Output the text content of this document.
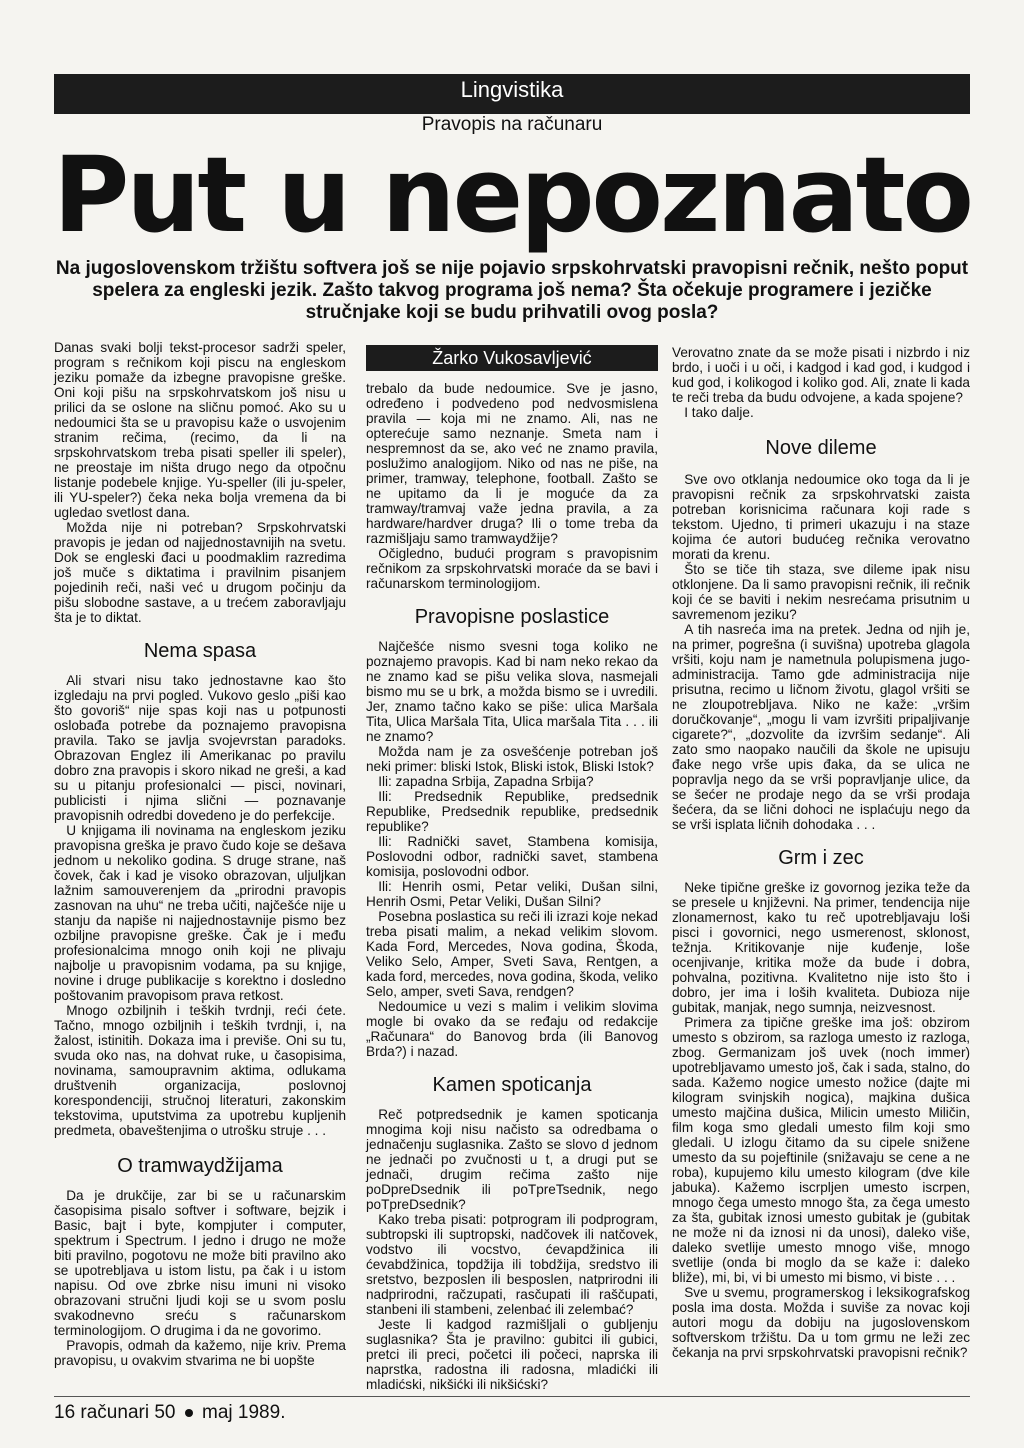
Lingvistika
Pravopis na računaru
Put u nepoznato
Na jugoslovenskom tržištu softvera još se nije pojavio srpskohrvatski pravopisni rečnik, nešto poput spelera za engleski jezik. Zašto takvog programa još nema? Šta očekuje programere i jezičke stručnjake koji se budu prihvatili ovog posla?

Danas svaki bolji tekst-procesor sadrži speler, program s rečnikom koji piscu na engleskom jeziku pomaže da izbegne pravopisne greške. Oni koji pišu na srpskohrvatskom još nisu u prilici da se oslone na sličnu pomoć. Ako su u nedoumici šta se u pravopisu kaže o usvojenim stranim rečima, (recimo, da li na srpskohrvatskom treba pisati speller ili speler), ne preostaje im ništa drugo nego da otpočnu listanje podebele knjige. Yu-speller (ili ju-speler, ili YU-speler?) čeka neka bolja vremena da bi ugledao svetlost dana.

Možda nije ni potreban? Srpskohrvatski pravopis je jedan od najjednostavnijih na svetu. Dok se engleski đaci u poodmaklim razredima još muče s diktatima i pravilnim pisanjem pojedinih reči, naši već u drugom počinju da pišu slobodne sastave, a u trećem zaboravljaju šta je to diktat.

Nema spasa

Ali stvari nisu tako jednostavne kao što izgledaju na prvi pogled. Vukovo geslo „piši kao što govoriš“ nije spas koji nas u potpunosti oslobađa potrebe da poznajemo pravopisna pravila. Tako se javlja svojevrstan paradoks. Obrazovan Englez ili Amerikanac po pravilu dobro zna pravopis i skoro nikad ne greši, a kad su u pitanju profesionalci — pisci, novinari, publicisti i njima slični — poznavanje pravopisnih odredbi dovedeno je do perfekcije.

U knjigama ili novinama na engleskom jeziku pravopisna greška je pravo čudo koje se dešava jednom u nekoliko godina. S druge strane, naš čovek, čak i kad je visoko obrazovan, uljuljkan lažnim samouverenjem da „prirodni pravopis zasnovan na uhu“ ne treba učiti, najčešće nije u stanju da napiše ni najjednostavnije pismo bez ozbiljne pravopisne greške. Čak je i među profesionalcima mnogo onih koji ne plivaju najbolje u pravopisnim vodama, pa su knjige, novine i druge publikacije s korektno i dosledno poštovanim pravopisom prava retkost.

Mnogo ozbiljnih i teških tvrdnji, reći ćete. Tačno, mnogo ozbiljnih i teških tvrdnji, i, na žalost, istinitih. Dokaza ima i previše. Oni su tu, svuda oko nas, na dohvat ruke, u časopisima, novinama, samoupravnim aktima, odlukama društvenih organizacija, poslovnoj korespondenciji, stručnoj literaturi, zakonskim tekstovima, uputstvima za upotrebu kupljenih predmeta, obaveštenjima o utrošku struje . . .

O tramwaydžijama

Da je drukčije, zar bi se u računarskim časopisima pisalo softver i software, bejzik i Basic, bajt i byte, kompjuter i computer, spektrum i Spectrum. I jedno i drugo ne može biti pravilno, pogotovu ne može biti pravilno ako se upotrebljava u istom listu, pa čak i u istom napisu. Od ove zbrke nisu imuni ni visoko obrazovani stručni ljudi koji se u svom poslu svakodnevno sreću s računarskom terminologijom. O drugima i da ne govorimo.

Pravopis, odmah da kažemo, nije kriv. Prema pravopisu, u ovakvim stvarima ne bi uopšte

Žarko Vukosavljević

trebalo da bude nedoumice. Sve je jasno, određeno i podvedeno pod nedvosmislena pravila — koja mi ne znamo. Ali, nas ne opterećuje samo neznanje. Smeta nam i nespremnost da se, ako već ne znamo pravila, poslužimo analogijom. Niko od nas ne piše, na primer, tramway, telephone, football. Zašto se ne upitamo da li je moguće da za tramway/tramvaj važe jedna pravila, a za hardware/hardver druga? Ili o tome treba da razmišljaju samo tramwaydžije?

Očigledno, budući program s pravopisnim rečnikom za srpskohrvatski moraće da se bavi i računarskom terminologijom.

Pravopisne poslastice

Najčešće nismo svesni toga koliko ne poznajemo pravopis. Kad bi nam neko rekao da ne znamo kad se pišu velika slova, nasmejali bismo mu se u brk, a možda bismo se i uvredili. Jer, znamo tačno kako se piše: ulica Maršala Tita, Ulica Maršala Tita, Ulica maršala Tita . . . ili ne znamo?

Možda nam je za osvešćenje potreban još neki primer: bliski Istok, Bliski istok, Bliski Istok?

Ili: zapadna Srbija, Zapadna Srbija?

Ili: Predsednik Republike, predsednik Republike, Predsednik republike, predsednik republike?

Ili: Radnički savet, Stambena komisija, Poslovodni odbor, radnički savet, stambena komisija, poslovodni odbor.

Ili: Henrih osmi, Petar veliki, Dušan silni, Henrih Osmi, Petar Veliki, Dušan Silni?

Posebna poslastica su reči ili izrazi koje nekad treba pisati malim, a nekad velikim slovom. Kada Ford, Mercedes, Nova godina, Škoda, Veliko Selo, Amper, Sveti Sava, Rentgen, a kada ford, mercedes, nova godina, škoda, veliko Selo, amper, sveti Sava, rendgen?

Nedoumice u vezi s malim i velikim slovima mogle bi ovako da se ređaju od redakcije „Računara“ do Banovog brda (ili Banovog Brda?) i nazad.

Kamen spoticanja

Reč potpredsednik je kamen spoticanja mnogima koji nisu načisto sa odredbama o jednačenju suglasnika. Zašto se slovo d jednom ne jednači po zvučnosti u t, a drugi put se jednači, drugim rečima zašto nije poDpreDsednik ili poTpreTsednik, nego poTpreDsednik?

Kako treba pisati: potprogram ili podprogram, subtropski ili suptropski, nadčovek ili natčovek, vodstvo ili vocstvo, ćevapdžinica ili ćevabdžinica, topdžija ili tobdžija, sredstvo ili sretstvo, bezposlen ili besposlen, natprirodni ili nadprirodni, račzupati, rasčupati ili raščupati, stanbeni ili stambeni, zelenbać ili zelembać?

Jeste li kadgod razmišljali o gubljenju suglasnika? Šta je pravilno: gubitci ili gubici, pretci ili preci, početci ili počeci, naprska ili naprstka, radostna ili radosna, mladićki ili mladićski, nikšićki ili nikšićski?

Verovatno znate da se može pisati i nizbrdo i niz brdo, i uoči i u oči, i kadgod i kad god, i kudgod i kud god, i kolikogod i koliko god. Ali, znate li kada te reči treba da budu odvojene, a kada spojene?

I tako dalje.

Nove dileme

Sve ovo otklanja nedoumice oko toga da li je pravopisni rečnik za srpskohrvatski zaista potreban korisnicima računara koji rade s tekstom. Ujedno, ti primeri ukazuju i na staze kojima će autori budućeg rečnika verovatno morati da krenu.

Što se tiče tih staza, sve dileme ipak nisu otklonjene. Da li samo pravopisni rečnik, ili rečnik koji će se baviti i nekim nesrećama prisutnim u savremenom jeziku?

A tih nasreća ima na pretek. Jedna od njih je, na primer, pogrešna (i suvišna) upotreba glagola vršiti, koju nam je nametnula polupismena jugo-administracija. Tamo gde administracija nije prisutna, recimo u ličnom životu, glagol vršiti se ne zloupotrebljava. Niko ne kaže: „vršim doručkovanje“, „mogu li vam izvršiti pripaljivanje cigarete?“, „dozvolite da izvršim sedanje“. Ali zato smo naopako naučili da škole ne upisuju đake nego vrše upis đaka, da se ulica ne popravlja nego da se vrši popravljanje ulice, da se šećer ne prodaje nego da se vrši prodaja šećera, da se lični dohoci ne isplaćuju nego da se vrši isplata ličnih dohodaka . . .

Grm i zec

Neke tipične greške iz govornog jezika teže da se presele u književni. Na primer, tendencija nije zlonamernost, kako tu reč upotrebljavaju loši pisci i govornici, nego usmerenost, sklonost, težnja. Kritikovanje nije kuđenje, loše ocenjivanje, kritika može da bude i dobra, pohvalna, pozitivna. Kvalitetno nije isto što i dobro, jer ima i loših kvaliteta. Dubioza nije gubitak, manjak, nego sumnja, neizvesnost.

Primera za tipične greške ima još: obzirom umesto s obzirom, sa razloga umesto iz razloga, zbog. Germanizam još uvek (noch immer) upotrebljavamo umesto još, čak i sada, stalno, do sada. Kažemo nogice umesto nožice (dajte mi kilogram svinjskih nogica), majkina dušica umesto majčina dušica, Milicin umesto Miličin, film koga smo gledali umesto film koji smo gledali. U izlogu čitamo da su cipele snižene umesto da su pojeftinile (snižavaju se cene a ne roba), kupujemo kilu umesto kilogram (dve kile jabuka). Kažemo iscrpljen umesto iscrpen, mnogo čega umesto mnogo šta, za čega umesto za šta, gubitak iznosi umesto gubitak je (gubitak ne može ni da iznosi ni da unosi), daleko više, daleko svetlije umesto mnogo više, mnogo svetlije (onda bi moglo da se kaže i: daleko bliže), mi, bi, vi bi umesto mi bismo, vi biste . . .

Sve u svemu, programerskog i leksikografskog posla ima dosta. Možda i suviše za novac koji autori mogu da dobiju na jugoslovenskom softverskom tržištu. Da u tom grmu ne leži zec čekanja na prvi srpskohrvatski pravopisni rečnik?

16 računari 50 maj 1989.
